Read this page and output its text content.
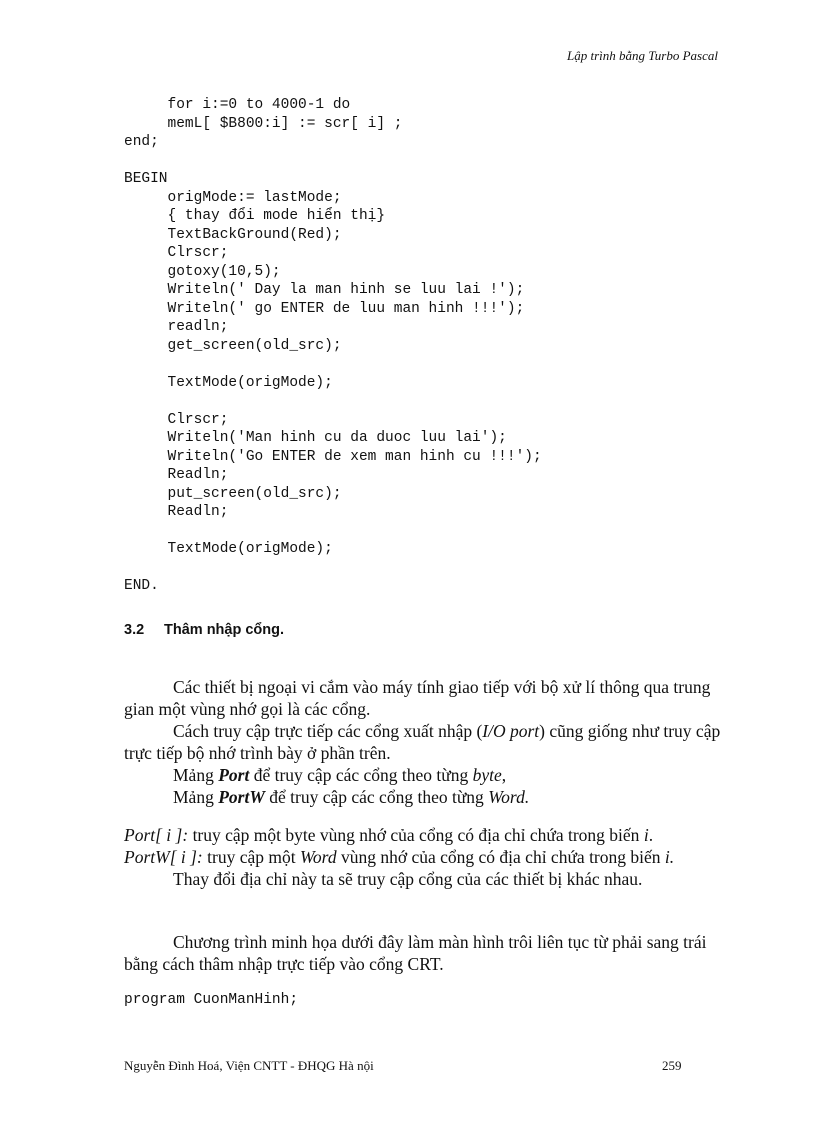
Lập trình bằng Turbo Pascal
for i:=0 to 4000-1 do
memL[ $B800:i] := scr[ i] ;
end;
BEGIN
origMode:= lastMode;
{ thay đổi mode hiển thị}
TextBackGround(Red);
Clrscr;
gotoxy(10,5);
Writeln(' Day la man hinh se luu lai !');
Writeln(' go ENTER de luu man hinh !!!');
readln;
get_screen(old_src);
TextMode(origMode);
Clrscr;
Writeln('Man hinh cu da duoc luu lai');
Writeln('Go ENTER de xem man hinh cu !!!');
Readln;
put_screen(old_src);
Readln;
TextMode(origMode);
END.
3.2 Thâm nhập cổng.

Các thiết bị ngoại vi cắm vào máy tính giao tiếp với bộ xử lí thông qua trung gian một vùng nhớ gọi là các cổng.

Cách truy cập trực tiếp các cổng xuất nhập (I/O port) cũng giống như truy cập trực tiếp bộ nhớ trình bày ở phần trên.

Mảng Port để truy cập các cổng theo từng byte,

Mảng PortW để truy cập các cổng theo từng Word.

Port[ i ]: truy cập một byte vùng nhớ của cổng có địa chỉ chứa trong biến i.

PortW[ i ]: truy cập một Word vùng nhớ của cổng có địa chỉ chứa trong biến i.

Thay đổi địa chỉ này ta sẽ truy cập cổng của các thiết bị khác nhau.

Chương trình minh họa dưới đây làm màn hình trôi liên tục từ phải sang trái bằng cách thâm nhập trực tiếp vào cổng CRT.

program CuonManHinh;
Nguyễn Đình Hoá, Viện CNTT - ĐHQG Hà nội	259
